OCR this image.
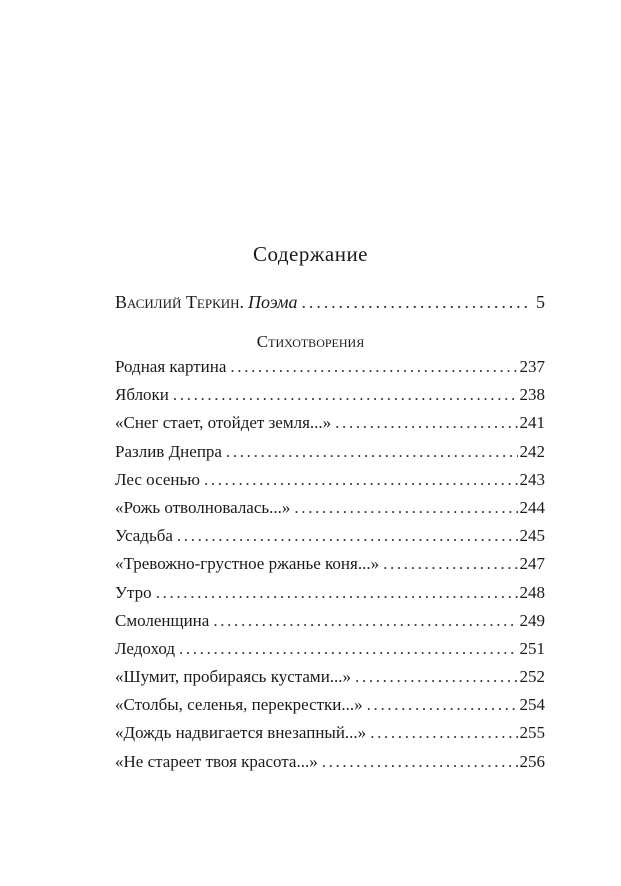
Содержание
Василий Теркин. Поэма . . .	5
Стихотворения
Родная картина . . .	237
Яблоки . . .	238
«Снег стает, отойдет земля...» . . .	241
Разлив Днепра . . .	242
Лес осенью . . .	243
«Рожь отволновалась...» . . .	244
Усадьба . . .	245
«Тревожно-грустное ржанье коня...» . . .	247
Утро . . .	248
Смоленщина . . .	249
Ледоход . . .	251
«Шумит, пробираясь кустами...» . . .	252
«Столбы, селенья, перекрестки...» . . .	254
«Дождь надвигается внезапный...» . . .	255
«Не стареет твоя красота...» . . .	256
